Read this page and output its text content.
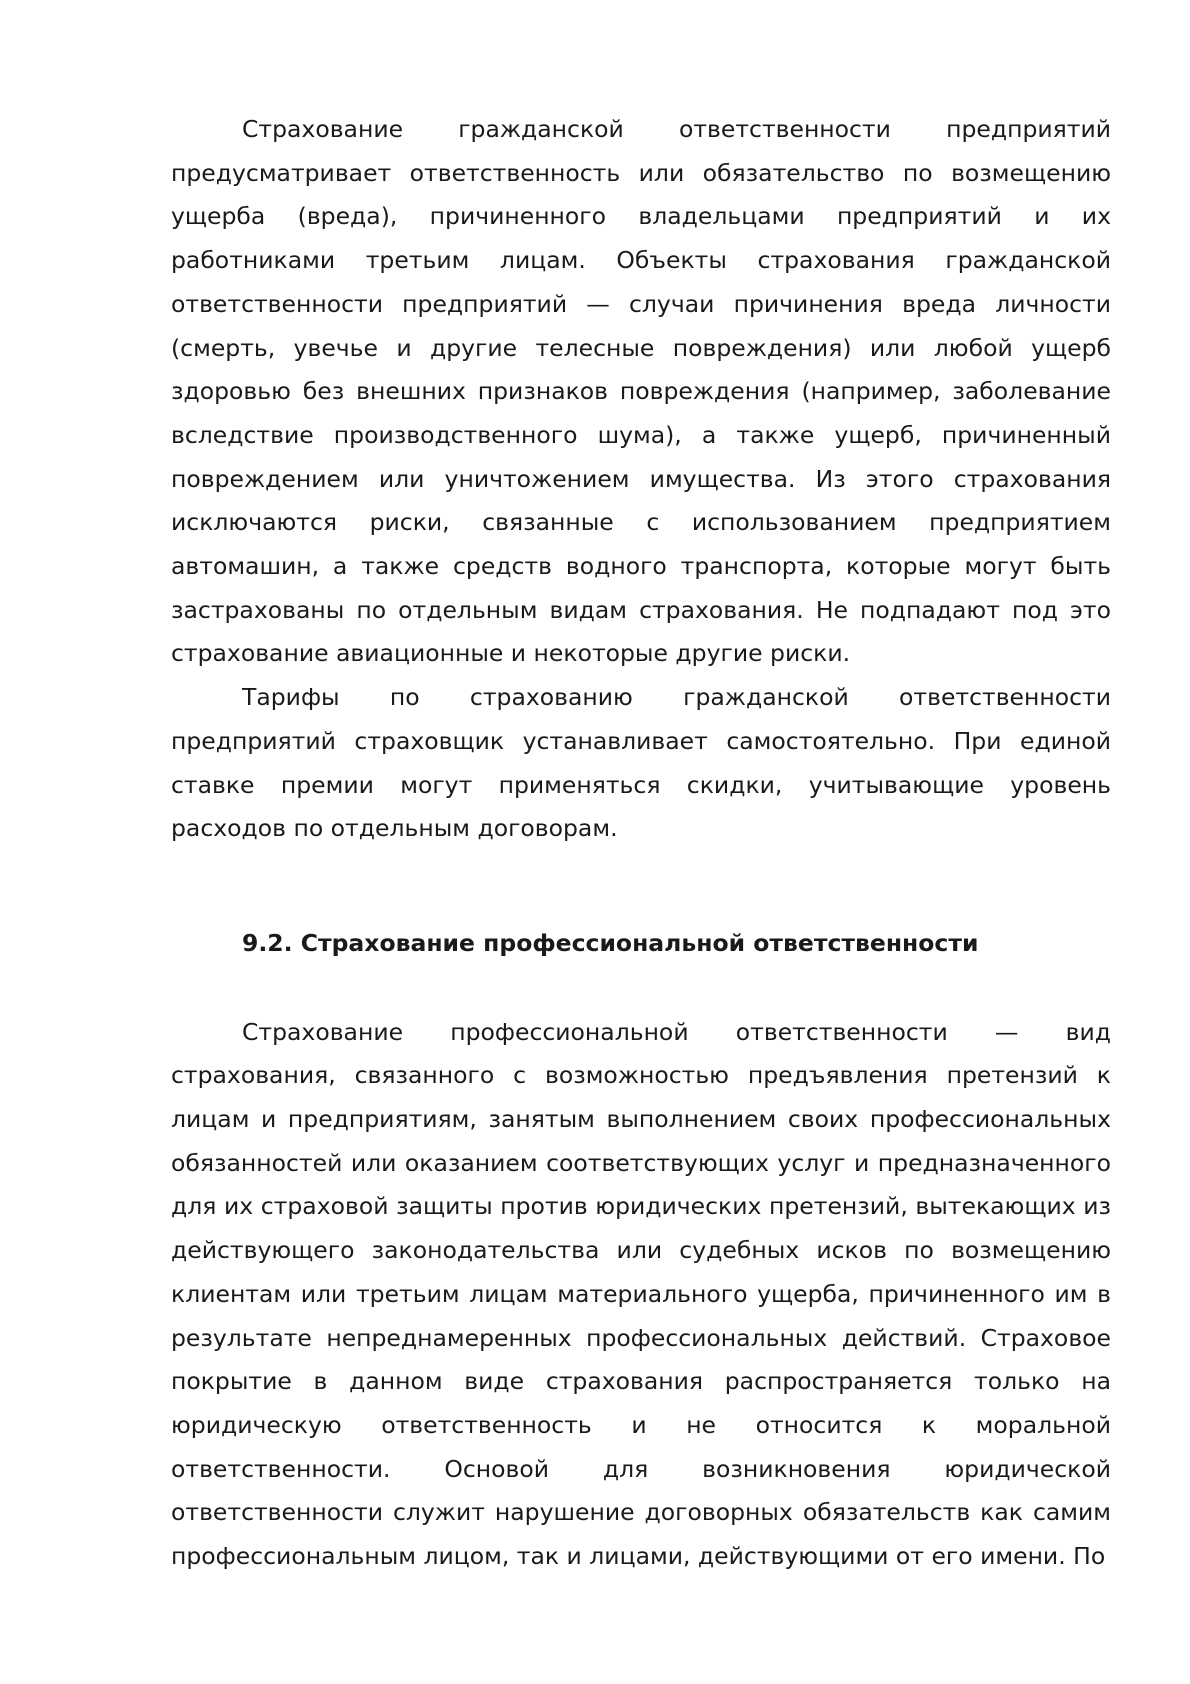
Страхование гражданской ответственности предприятий предусматривает ответственность или обязательство по возмещению ущерба (вреда), причиненного владельцами предприятий и их работниками третьим лицам. Объекты страхования гражданской ответственности предприятий — случаи причинения вреда личности (смерть, увечье и другие телесные повреждения) или любой ущерб здоровью без внешних признаков повреждения (например, заболевание вследствие производственного шума), а также ущерб, причиненный повреждением или уничтожением имущества. Из этого страхования исключаются риски, связанные с использованием предприятием автомашин, а также средств водного транспорта, которые могут быть застрахованы по отдельным видам страхования. Не подпадают под это страхование авиационные и некоторые другие риски.

Тарифы по страхованию гражданской ответственности предприятий страховщик устанавливает самостоятельно. При единой ставке премии могут применяться скидки, учитывающие уровень расходов по отдельным договорам.

9.2. Страхование профессиональной ответственности

Страхование профессиональной ответственности — вид страхования, связанного с возможностью предъявления претензий к лицам и предприятиям, занятым выполнением своих профессиональных обязанностей или оказанием соответствующих услуг и предназначенного для их страховой защиты против юридических претензий, вытекающих из действующего законодательства или судебных исков по возмещению клиентам или третьим лицам материального ущерба, причиненного им в результате непреднамеренных профессиональных действий. Страховое покрытие в данном виде страхования распространяется только на юридическую ответственность и не относится к моральной ответственности. Основой для возникновения юридической ответственности служит нарушение договорных обязательств как самим профессиональным лицом, так и лицами, действующими от его имени. По
